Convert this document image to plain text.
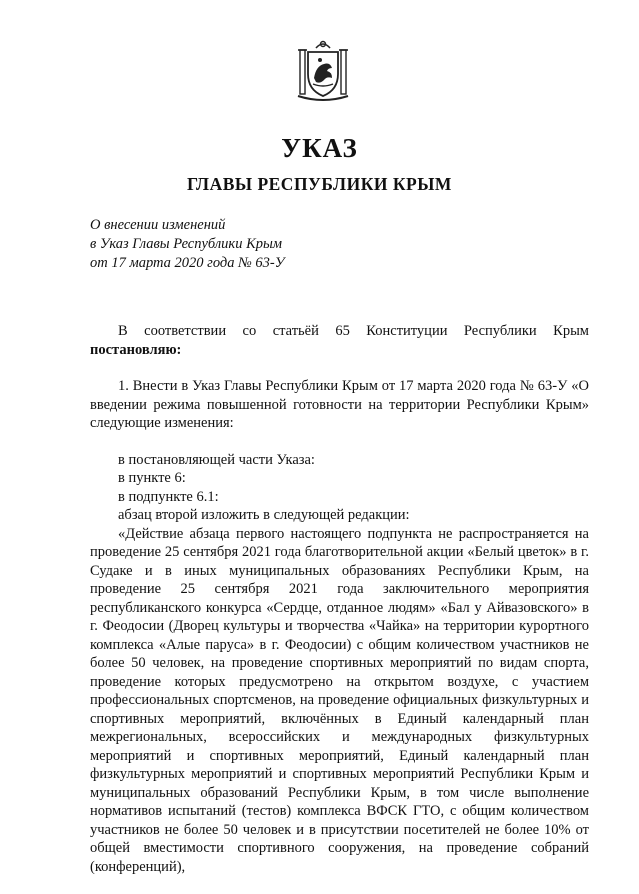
УКАЗ
ГЛАВЫ РЕСПУБЛИКИ КРЫМ
О внесении изменений
в Указ Главы Республики Крым
от 17 марта 2020 года № 63-У

В соответствии со статьёй 65 Конституции Республики Крым

постановляю:

1. Внести в Указ Главы Республики Крым от 17 марта 2020 года № 63-У «О введении режима повышенной готовности на территории Республики Крым» следующие изменения:

в постановляющей части Указа:

в пункте 6:

в подпункте 6.1:

абзац второй изложить в следующей редакции:

«Действие абзаца первого настоящего подпункта не распространяется на проведение 25 сентября 2021 года благотворительной акции «Белый цветок» в г. Судаке и в иных муниципальных образованиях Республики Крым, на проведение 25 сентября 2021 года заключительного мероприятия республиканского конкурса «Сердце, отданное людям» «Бал у Айвазовского» в г. Феодосии (Дворец культуры и творчества «Чайка» на территории курортного комплекса «Алые паруса» в г. Феодосии) с общим количеством участников не более 50 человек, на проведение спортивных мероприятий по видам спорта, проведение которых предусмотрено на открытом воздухе, с участием профессиональных спортсменов, на проведение официальных физкультурных и спортивных мероприятий, включённых в Единый календарный план межрегиональных, всероссийских и международных физкультурных мероприятий и спортивных мероприятий, Единый календарный план физкультурных мероприятий и спортивных мероприятий Республики Крым и муниципальных образований Республики Крым, в том числе выполнение нормативов испытаний (тестов) комплекса ВФСК ГТО, с общим количеством участников не более 50 человек и в присутствии посетителей не более 10% от общей вместимости спортивного сооружения, на проведение собраний (конференций),
